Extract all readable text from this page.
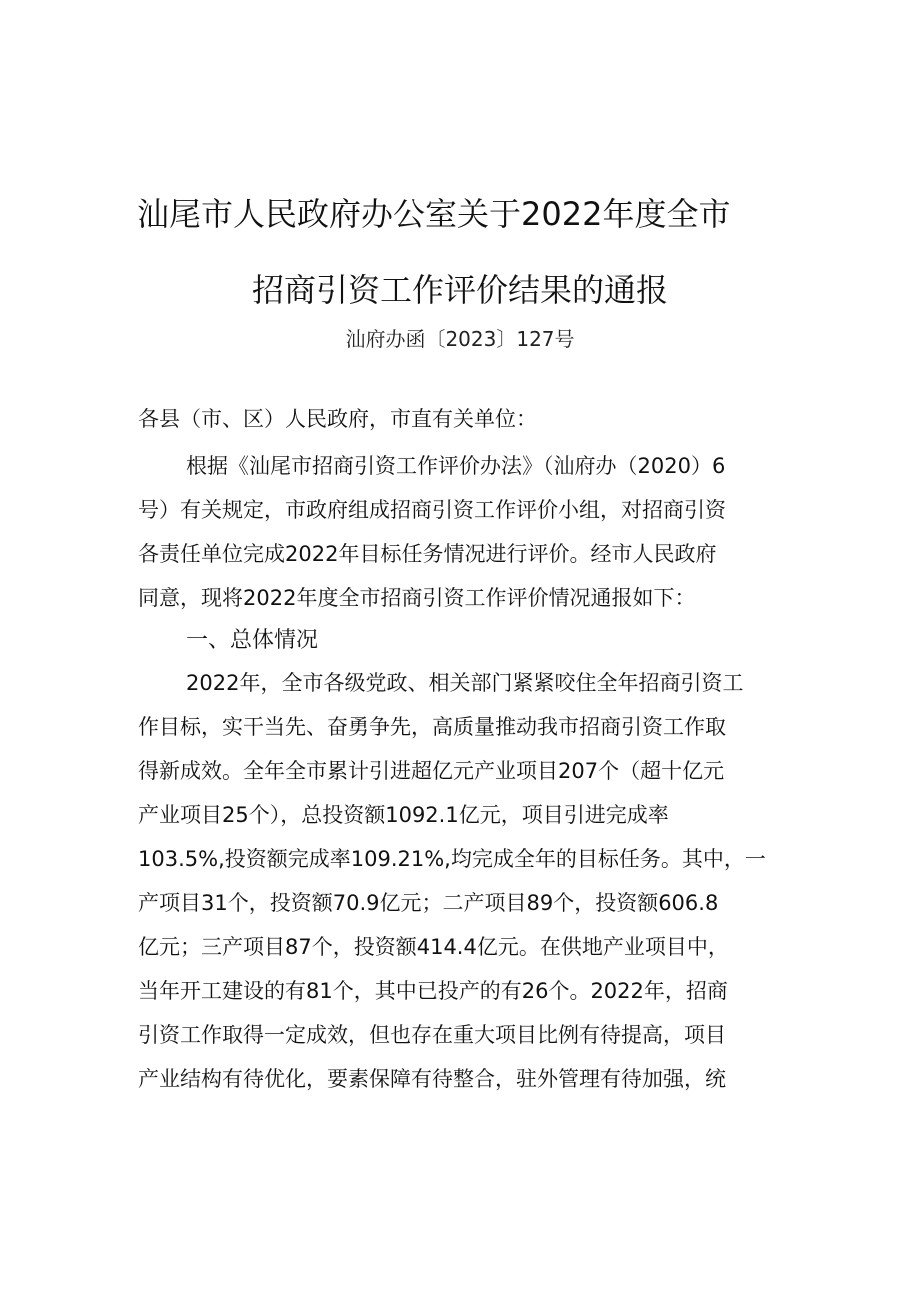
汕尾市人民政府办公室关于2022年度全市
招商引资工作评价结果的通报
汕府办函〔2023〕127号
各县（市、区）人民政府，市直有关单位：
根据《汕尾市招商引资工作评价办法》（汕府办（2020）6
号）有关规定，市政府组成招商引资工作评价小组，对招商引资
各责任单位完成2022年目标任务情况进行评价。经市人民政府
同意，现将2022年度全市招商引资工作评价情况通报如下：
一、总体情况
2022年，全市各级党政、相关部门紧紧咬住全年招商引资工
作目标，实干当先、奋勇争先，高质量推动我市招商引资工作取
得新成效。全年全市累计引进超亿元产业项目207个（超十亿元
产业项目25个），总投资额1092.1亿元，项目引进完成率
103.5%,投资额完成率109.21%,均完成全年的目标任务。其中，一
产项目31个，投资额70.9亿元；二产项目89个，投资额606.8
亿元；三产项目87个，投资额414.4亿元。在供地产业项目中，
当年开工建设的有81个，其中已投产的有26个。2022年，招商
引资工作取得一定成效，但也存在重大项目比例有待提高，项目
产业结构有待优化，要素保障有待整合，驻外管理有待加强，统
